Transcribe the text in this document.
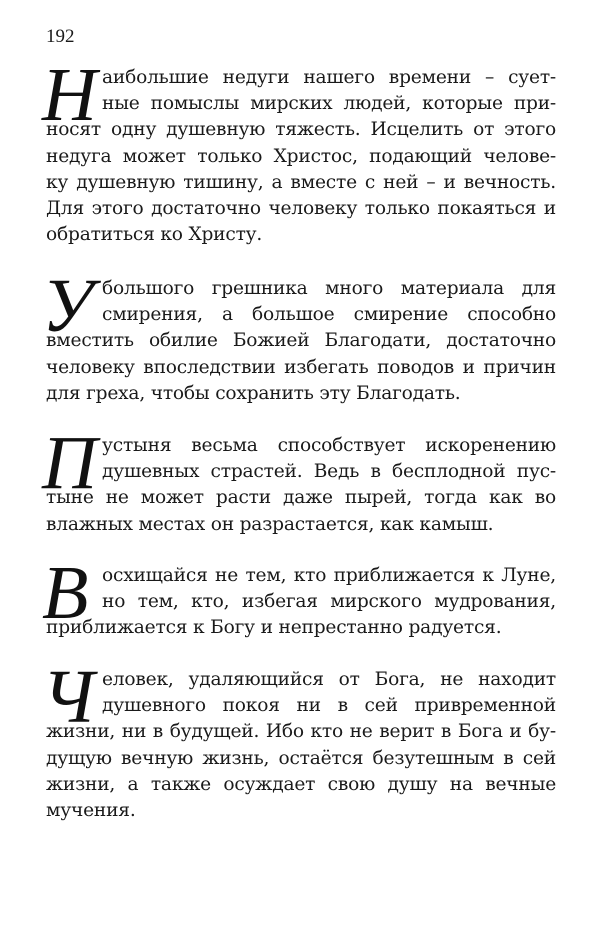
192
Н аибольшие недуги нашего времени – сует-
ные помыслы мирских людей, которые при-
носят одну душевную тяжесть. Исцелить от этого
недуга может только Христос, подающий челове-
ку душевную тишину, а вместе с ней – и вечность.
Для этого достаточно человеку только покаяться и
обратиться ко Христу.
У большого грешника много материала для
смирения, а большое смирение способно
вместить обилие Божией Благодати, достаточно
человеку впоследствии избегать поводов и причин
для греха, чтобы сохранить эту Благодать.
П устыня весьма способствует искоренению
душевных страстей. Ведь в бесплодной пус-
тыне не может расти даже пырей, тогда как во
влажных местах он разрастается, как камыш.
В осхищайся не тем, кто приближается к Луне,
но тем, кто, избегая мирского мудрования,
приближается к Богу и непрестанно радуется.
Ч еловек, удаляющийся от Бога, не находит
душевного покоя ни в сей привременной
жизни, ни в будущей. Ибо кто не верит в Бога и бу-
дущую вечную жизнь, остаётся безутешным в сей
жизни, а также осуждает свою душу на вечные
мучения.
